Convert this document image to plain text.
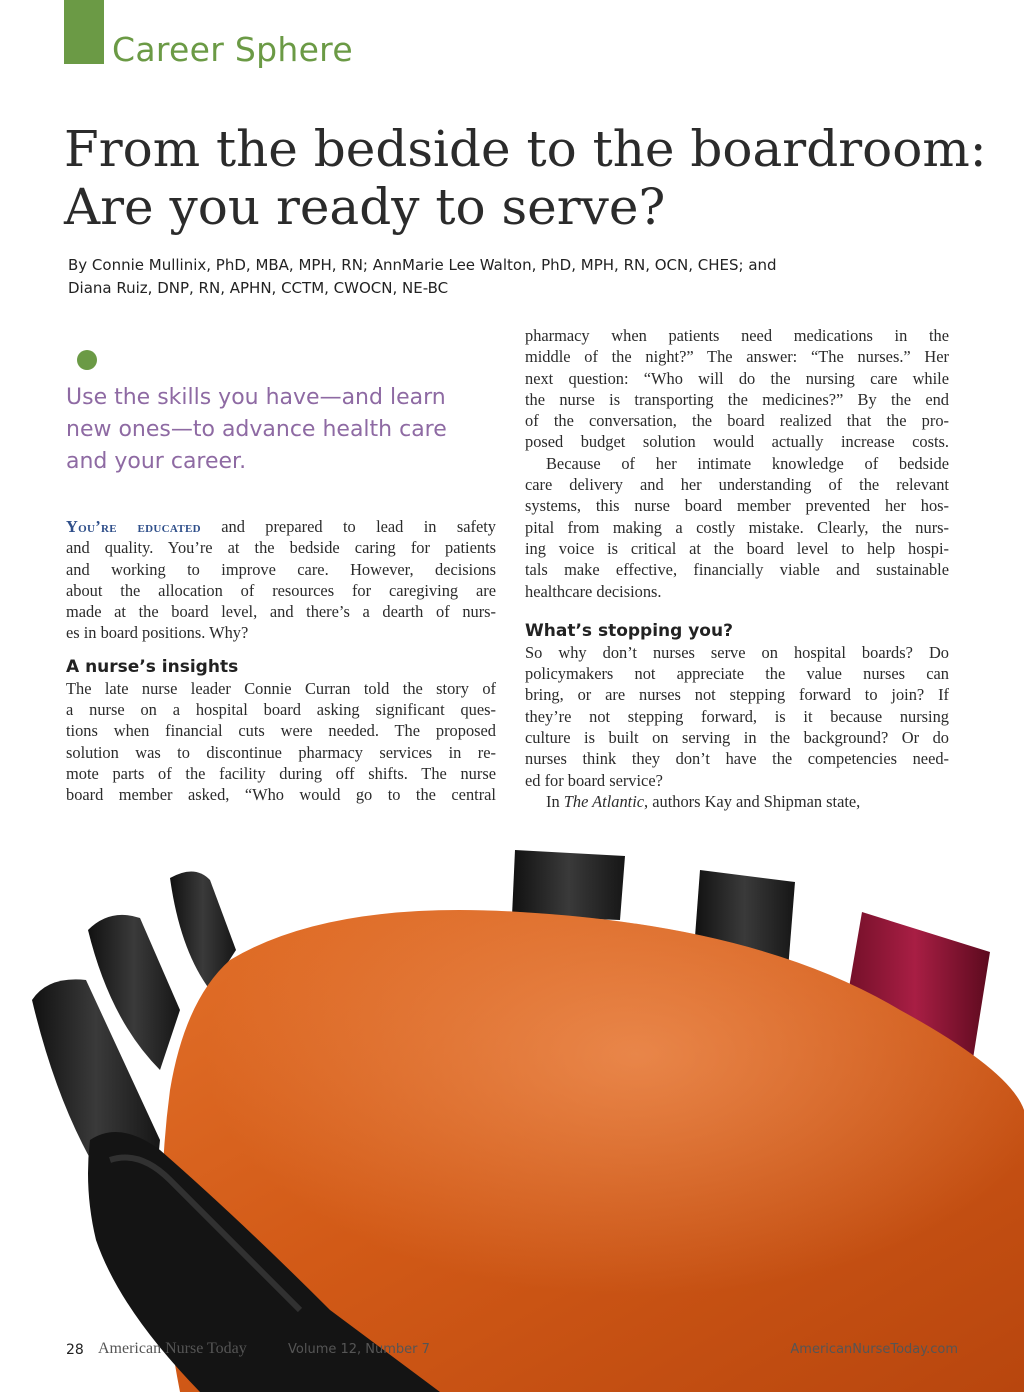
Career Sphere
From the bedside to the boardroom:
Are you ready to serve?
By Connie Mullinix, PhD, MBA, MPH, RN; AnnMarie Lee Walton, PhD, MPH, RN, OCN, CHES; and
Diana Ruiz, DNP, RN, APHN, CCTM, CWOCN, NE-BC
Use the skills you have—and learn
new ones—to advance health care
and your career.
You’re educated and prepared to lead in safety
and quality. You’re at the bedside caring for patients
and working to improve care. However, decisions
about the allocation of resources for caregiving are
made at the board level, and there’s a dearth of nurs-
es in board positions. Why?
A nurse’s insights
The late nurse leader Connie Curran told the story of
a nurse on a hospital board asking significant ques-
tions when financial cuts were needed. The proposed
solution was to discontinue pharmacy services in re-
mote parts of the facility during off shifts. The nurse
board member asked, “Who would go to the central
pharmacy when patients need medications in the
middle of the night?” The answer: “The nurses.” Her
next question: “Who will do the nursing care while
the nurse is transporting the medicines?” By the end
of the conversation, the board realized that the pro-
posed budget solution would actually increase costs.
Because of her intimate knowledge of bedside
care delivery and her understanding of the relevant
systems, this nurse board member prevented her hos-
pital from making a costly mistake. Clearly, the nurs-
ing voice is critical at the board level to help hospi-
tals make effective, financially viable and sustainable
healthcare decisions.
What’s stopping you?
So why don’t nurses serve on hospital boards? Do
policymakers not appreciate the value nurses can
bring, or are nurses not stepping forward to join? If
they’re not stepping forward, is it because nursing
culture is built on serving in the background? Or do
nurses think they don’t have the competencies need-
ed for board service?
In The Atlantic, authors Kay and Shipman state,
28 American Nurse Today	Volume 12, Number 7	AmericanNurseToday.com
